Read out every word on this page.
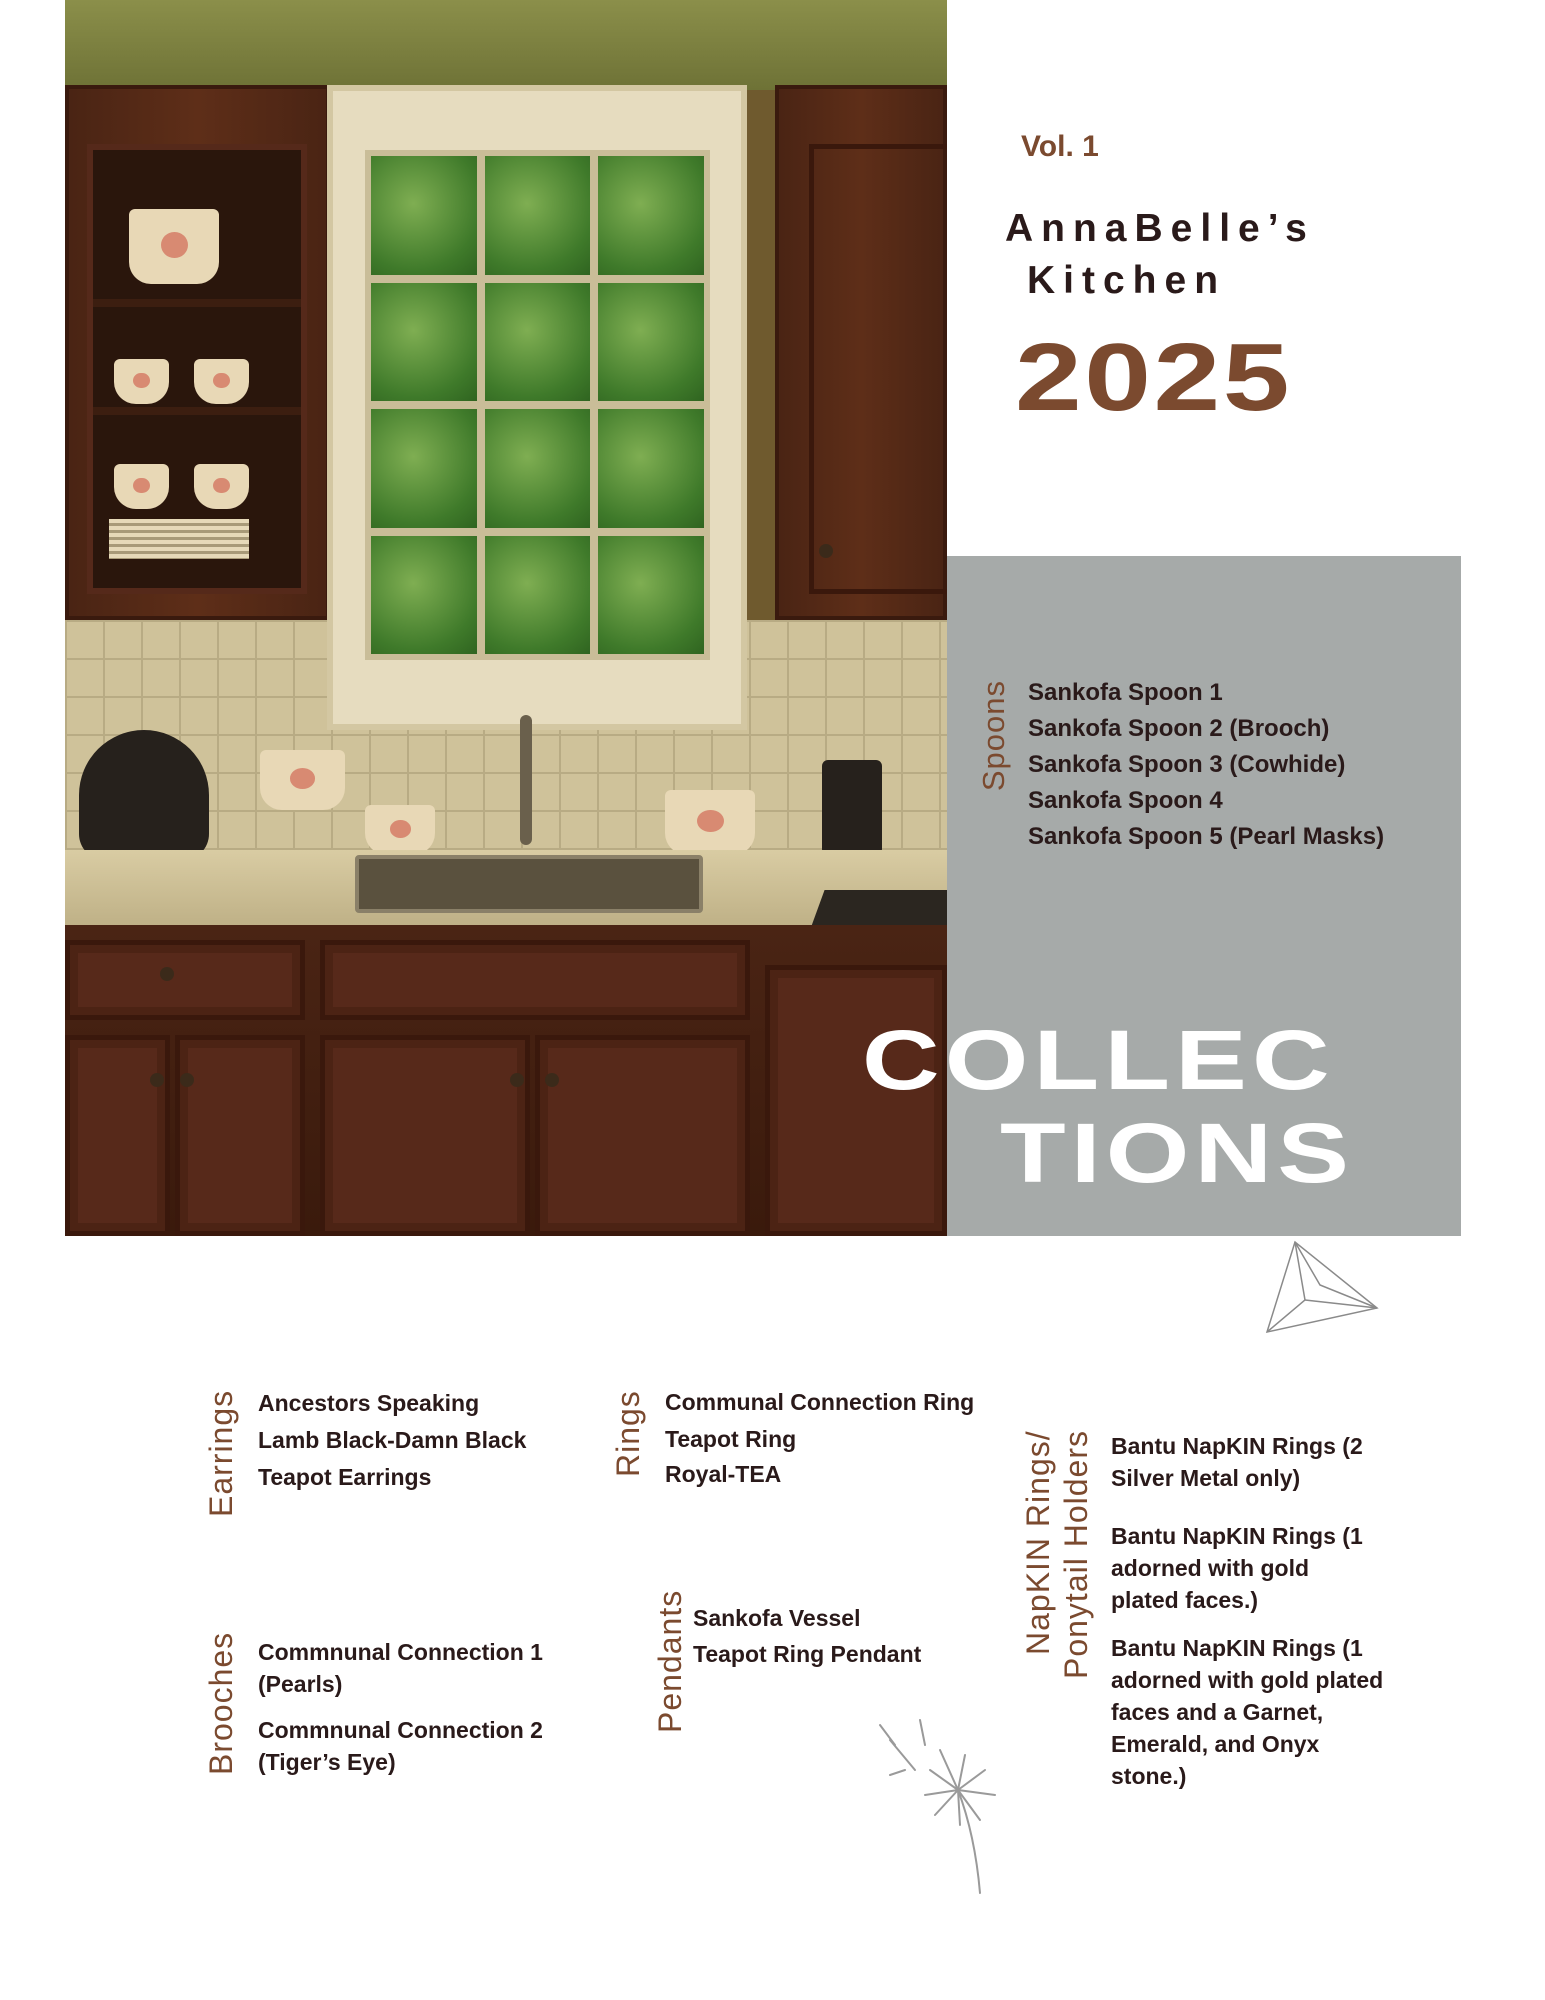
Vol. 1
AnnaBelle’s
Kitchen
2025
Spoons Sankofa Spoon 1
Sankofa Spoon 2 (Brooch)
Sankofa Spoon 3 (Cowhide)
Sankofa Spoon 4
Sankofa Spoon 5 (Pearl Masks)
COLLEC
TIONS
Earrings Ancestors Speaking
Lamb Black-Damn Black
Teapot Earrings
Brooches Commnunal Connection 1
(Pearls)
Commnunal Connection 2
(Tiger’s Eye)
Rings Communal Connection Ring
Teapot Ring
Royal-TEA
Pendants Sankofa Vessel
Teapot Ring Pendant	NapKIN Rings/ Ponytail Holders Bantu NapKIN Rings (2
Silver Metal only)
Bantu NapKIN Rings (1
adorned with gold
plated faces.)
Bantu NapKIN Rings (1
adorned with gold plated
faces and a Garnet,
Emerald, and Onyx
stone.)
